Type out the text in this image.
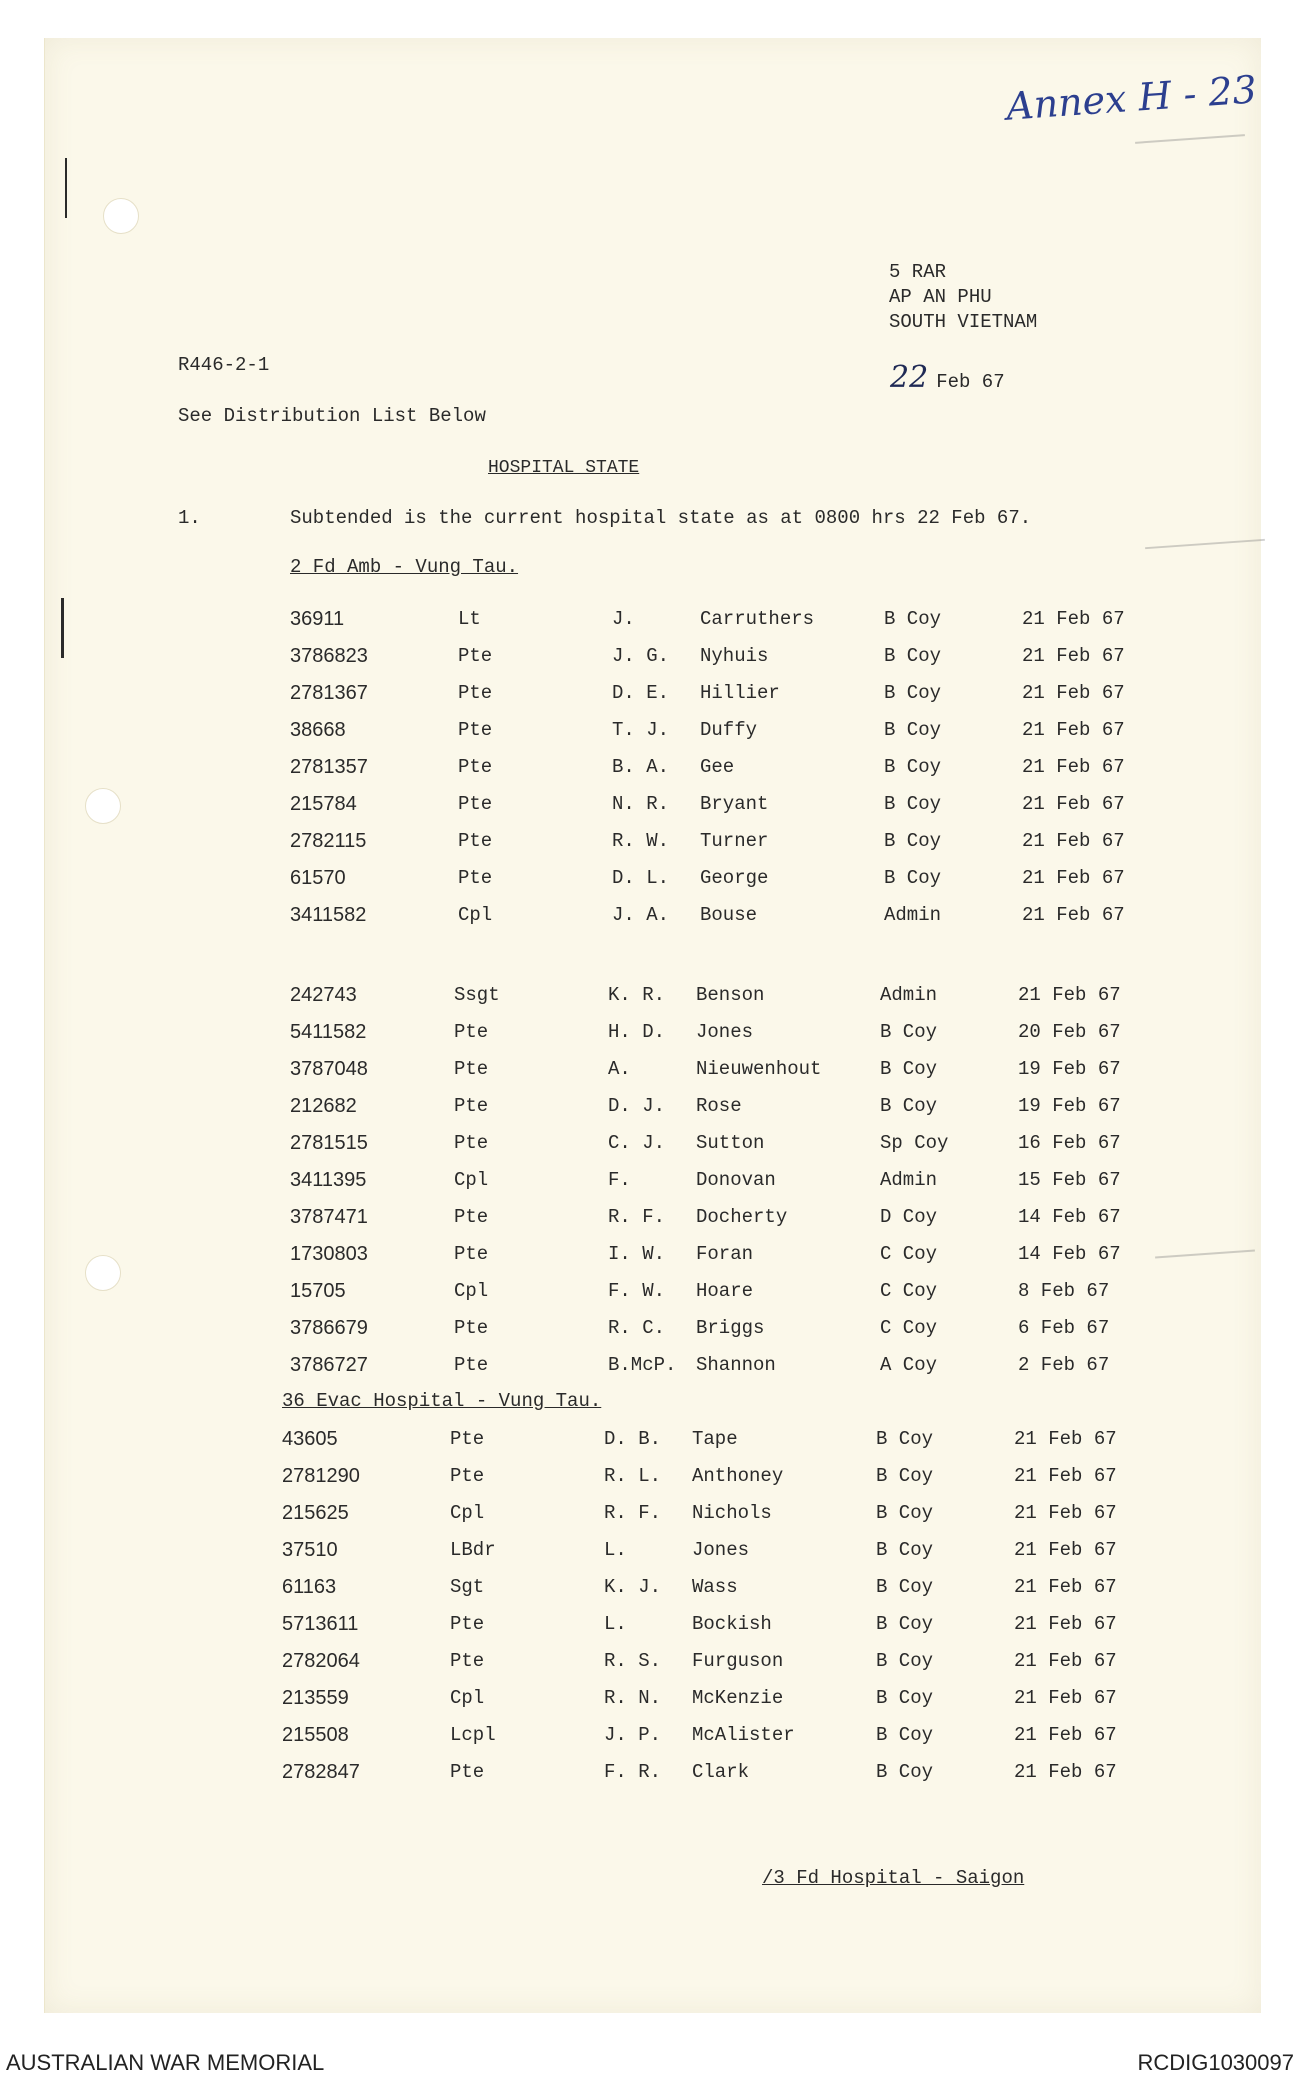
Annex H - 23
5 RAR
AP AN PHU
SOUTH VIETNAM
R446-2-1	22 Feb 67
See Distribution List Below
HOSPITAL STATE
1.	Subtended is the current hospital state as at 0800 hrs 22 Feb 67.
2 Fd Amb - Vung Tau.
36911	Lt	J.	Carruthers	B Coy	21 Feb 67
3786823	Pte	J. G. Nyhuis	B Coy	21 Feb 67
2781367	Pte	D. E. Hillier	B Coy	21 Feb 67
38668	Pte	T. J. Duffy	B Coy	21 Feb 67
2781357	Pte	B. A. Gee	B Coy	21 Feb 67
215784	Pte	N. R. Bryant	B Coy	21 Feb 67
2782115	Pte	R. W. Turner	B Coy	21 Feb 67
61570	Pte	D. L. George	B Coy	21 Feb 67
3411582	Cpl	J. A. Bouse	Admin	21 Feb 67
242743	Ssgt	K. R. Benson	Admin	21 Feb 67
5411582	Pte	H. D. Jones	B Coy	20 Feb 67
3787048	Pte	A.	Nieuwenhout	B Coy	19 Feb 67
212682	Pte	D. J. Rose	B Coy	19 Feb 67
2781515	Pte	C. J. Sutton	Sp Coy	16 Feb 67
3411395	Cpl	F.	Donovan	Admin	15 Feb 67
3787471	Pte	R. F. Docherty	D Coy	14 Feb 67
1730803	Pte	I. W. Foran	C Coy	14 Feb 67
15705	Cpl	F. W. Hoare	C Coy	8 Feb 67
3786679	Pte	R. C. Briggs	C Coy	6 Feb 67
3786727	Pte	B.McP. Shannon	A Coy	2 Feb 67
36 Evac Hospital - Vung Tau.
43605	Pte	D. B. Tape	B Coy	21 Feb 67
2781290	Pte	R. L. Anthoney	B Coy	21 Feb 67
215625	Cpl	R. F. Nichols	B Coy	21 Feb 67
37510	LBdr	L.	Jones	B Coy	21 Feb 67
61163	Sgt	K. J. Wass	B Coy	21 Feb 67
5713611	Pte	L.	Bockish	B Coy	21 Feb 67
2782064	Pte	R. S. Furguson	B Coy	21 Feb 67
213559	Cpl	R. N. McKenzie	B Coy	21 Feb 67
215508	Lcpl	J. P. McAlister	B Coy	21 Feb 67
2782847	Pte	F. R. Clark	B Coy	21 Feb 67
/3 Fd Hospital - Saigon
AUSTRALIAN WAR MEMORIAL	RCDIG1030097
